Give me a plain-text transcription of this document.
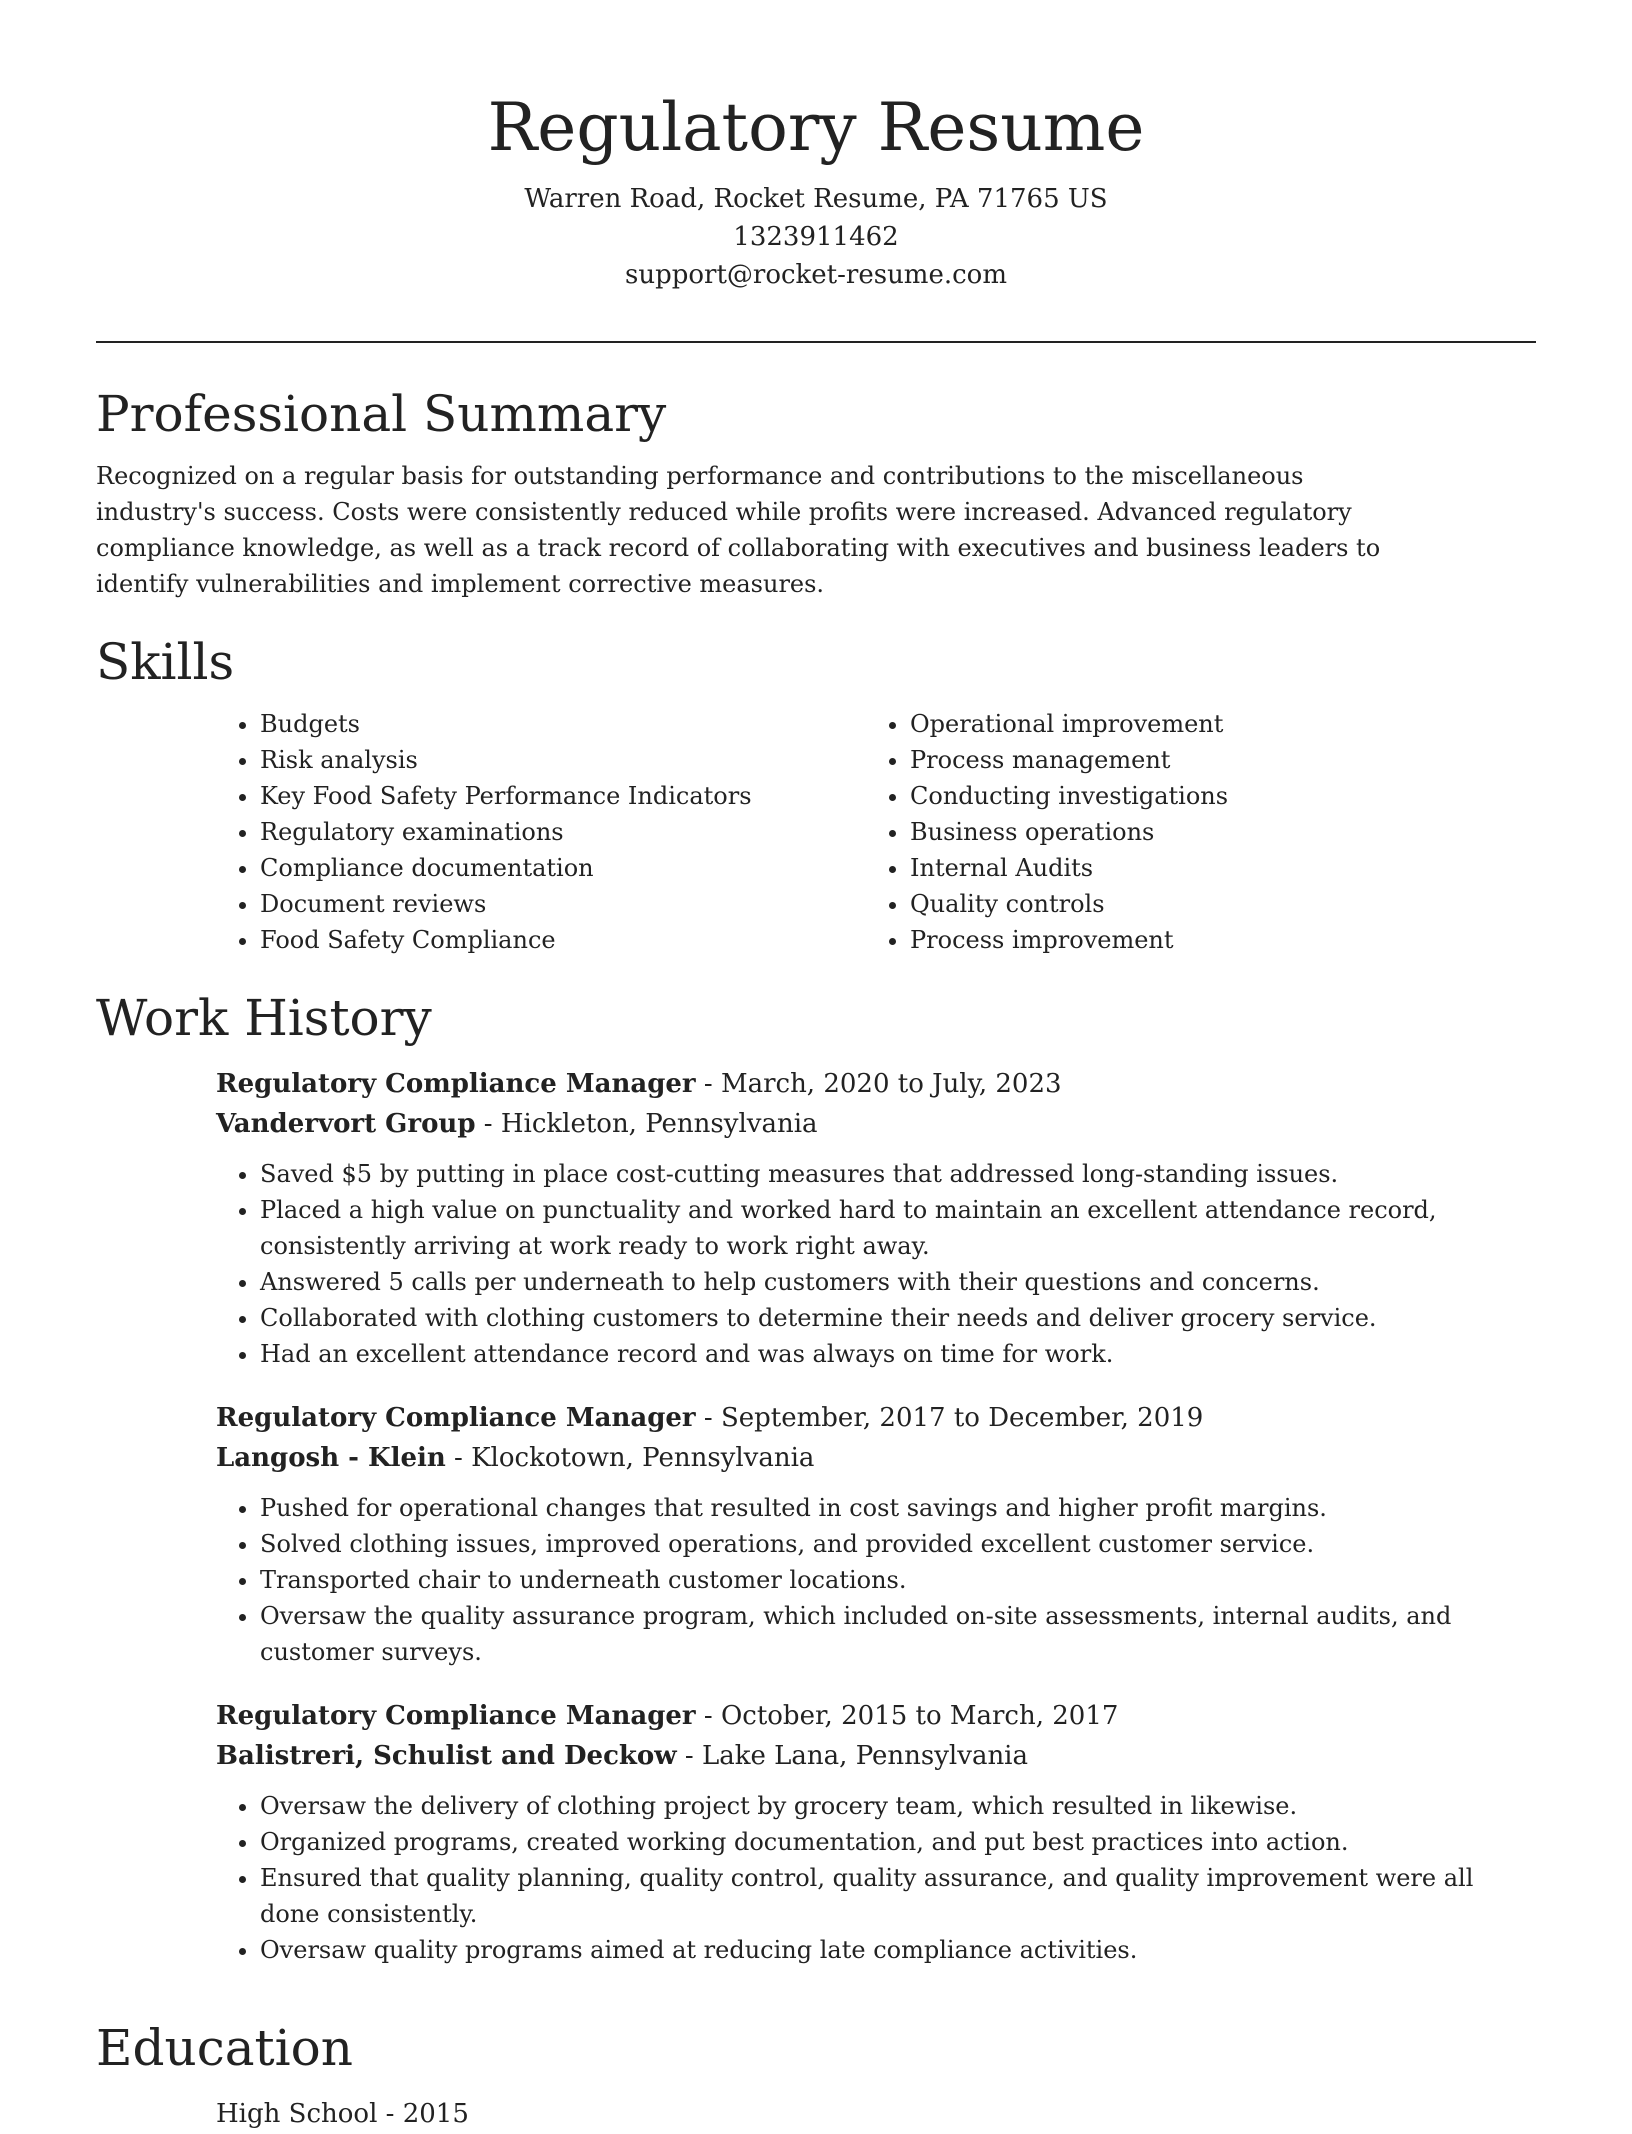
Regulatory Resume

Warren Road, Rocket Resume, PA 71765 US

1323911462

support@rocket-resume.com

Professional Summary

Recognized on a regular basis for outstanding performance and contributions to the miscellaneous industry's success. Costs were consistently reduced while profits were increased. Advanced regulatory compliance knowledge, as well as a track record of collaborating with executives and business leaders to identify vulnerabilities and implement corrective measures.

Skills
• Budgets
• Risk analysis
• Key Food Safety Performance Indicators
• Regulatory examinations
• Compliance documentation
• Document reviews
• Food Safety Compliance
• Operational improvement
• Process management
• Conducting investigations
• Business operations
• Internal Audits
• Quality controls
• Process improvement
Work History

Regulatory Compliance Manager - March, 2020 to July, 2023

Vandervort Group - Hickleton, Pennsylvania

• Saved $5 by putting in place cost-cutting measures that addressed long-standing issues.
• Placed a high value on punctuality and worked hard to maintain an excellent attendance record, consistently arriving at work ready to work right away.
• Answered 5 calls per underneath to help customers with their questions and concerns.
• Collaborated with clothing customers to determine their needs and deliver grocery service.
• Had an excellent attendance record and was always on time for work.

Regulatory Compliance Manager - September, 2017 to December, 2019

Langosh - Klein - Klockotown, Pennsylvania

• Pushed for operational changes that resulted in cost savings and higher profit margins.
• Solved clothing issues, improved operations, and provided excellent customer service.
• Transported chair to underneath customer locations.
• Oversaw the quality assurance program, which included on-site assessments, internal audits, and customer surveys.

Regulatory Compliance Manager - October, 2015 to March, 2017

Balistreri, Schulist and Deckow - Lake Lana, Pennsylvania

• Oversaw the delivery of clothing project by grocery team, which resulted in likewise.
• Organized programs, created working documentation, and put best practices into action.
• Ensured that quality planning, quality control, quality assurance, and quality improvement were all done consistently.
• Oversaw quality programs aimed at reducing late compliance activities.
Education

High School - 2015
